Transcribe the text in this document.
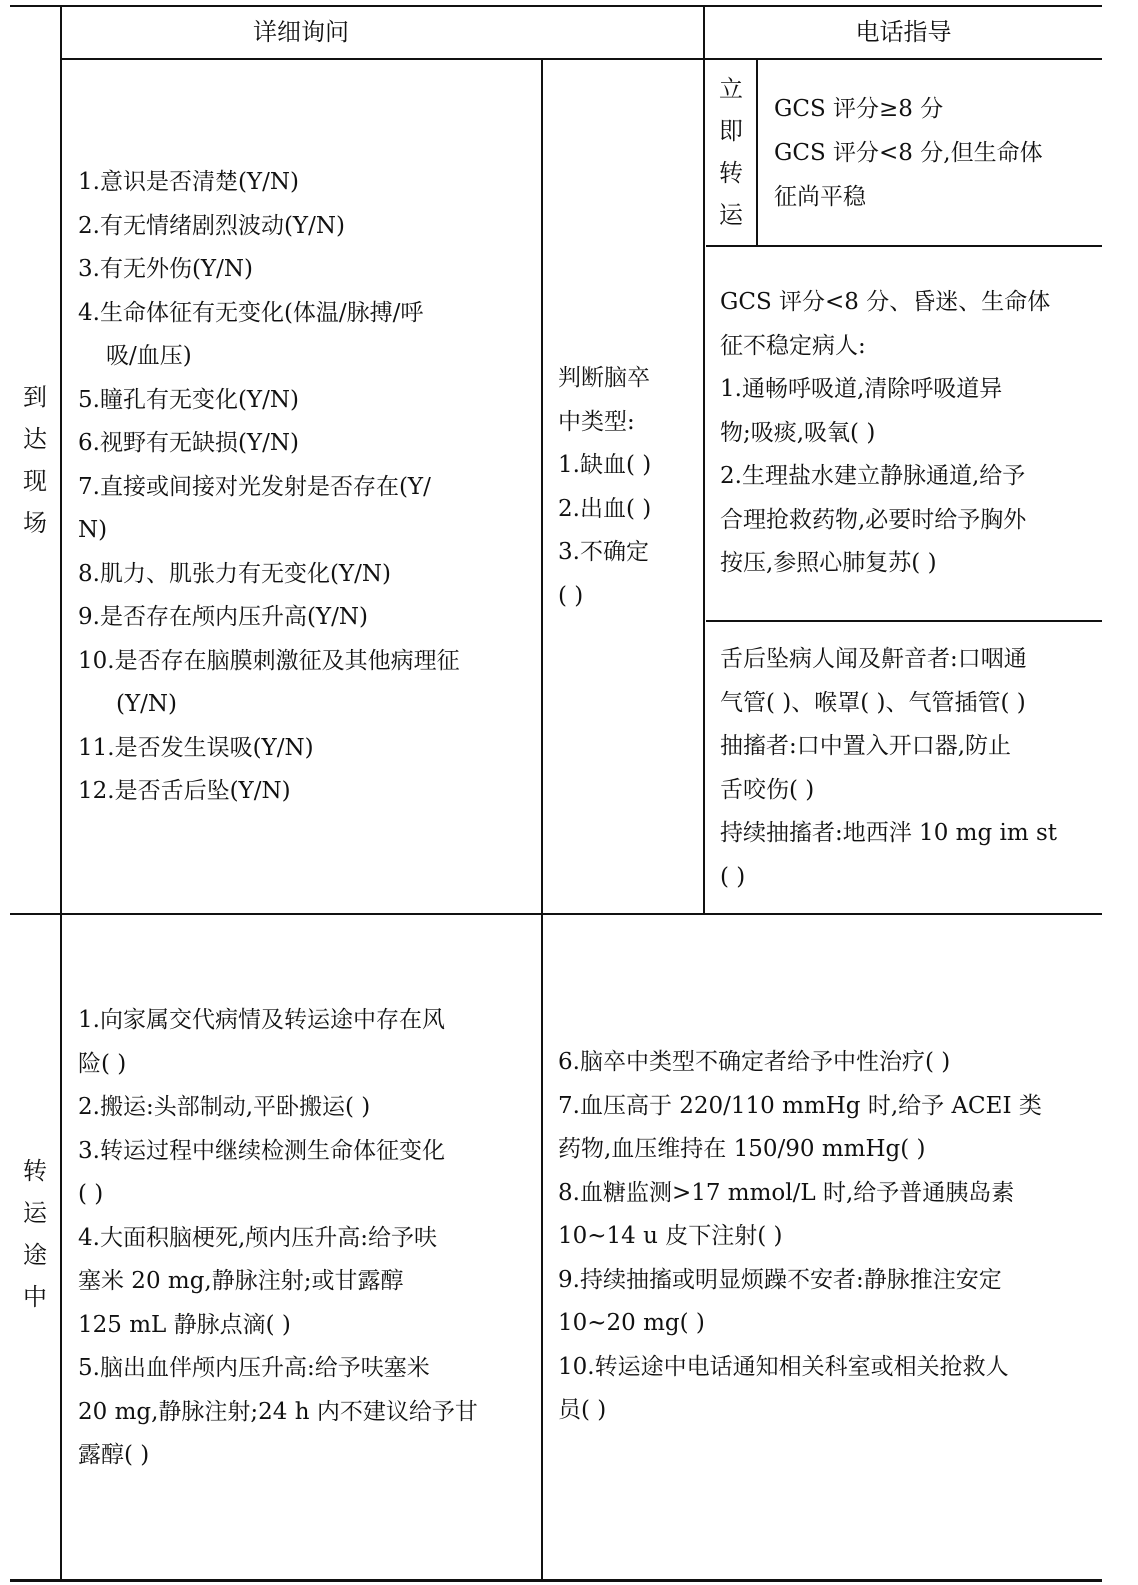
详细询问	电话指导
到
达
现
场
1.意识是否清楚(Y/N)
2.有无情绪剧烈波动(Y/N)
3.有无外伤(Y/N)
4.生命体征有无变化(体温/脉搏/呼
吸/血压)
5.瞳孔有无变化(Y/N)
6.视野有无缺损(Y/N)
7.直接或间接对光发射是否存在(Y/
N)
8.肌力、肌张力有无变化(Y/N)
9.是否存在颅内压升高(Y/N)
10.是否存在脑膜刺激征及其他病理征
(Y/N)
11.是否发生误吸(Y/N)
12.是否舌后坠(Y/N)
判断脑卒
中类型:
1.缺血( )
2.出血( )
3.不确定
( )
立
即
转
运
GCS 评分≥8 分
GCS 评分<8 分,但生命体
征尚平稳
GCS 评分<8 分、昏迷、生命体
征不稳定病人:
1.通畅呼吸道,清除呼吸道异
物;吸痰,吸氧( )
2.生理盐水建立静脉通道,给予
合理抢救药物,必要时给予胸外
按压,参照心肺复苏( )
舌后坠病人闻及鼾音者:口咽通
气管( )、喉罩( )、气管插管( )
抽搐者:口中置入开口器,防止
舌咬伤( )
持续抽搐者:地西泮 10 mg im st
( )
转
运
途
中
1.向家属交代病情及转运途中存在风
险( )
2.搬运:头部制动,平卧搬运( )
3.转运过程中继续检测生命体征变化
( )
4.大面积脑梗死,颅内压升高:给予呋
塞米 20 mg,静脉注射;或甘露醇
125 mL 静脉点滴( )
5.脑出血伴颅内压升高:给予呋塞米
20 mg,静脉注射;24 h 内不建议给予甘
露醇( )
6.脑卒中类型不确定者给予中性治疗( )
7.血压高于 220/110 mmHg 时,给予 ACEI 类
药物,血压维持在 150/90 mmHg( )
8.血糖监测>17 mmol/L 时,给予普通胰岛素
10~14 u 皮下注射( )
9.持续抽搐或明显烦躁不安者:静脉推注安定
10~20 mg( )
10.转运途中电话通知相关科室或相关抢救人
员( )
